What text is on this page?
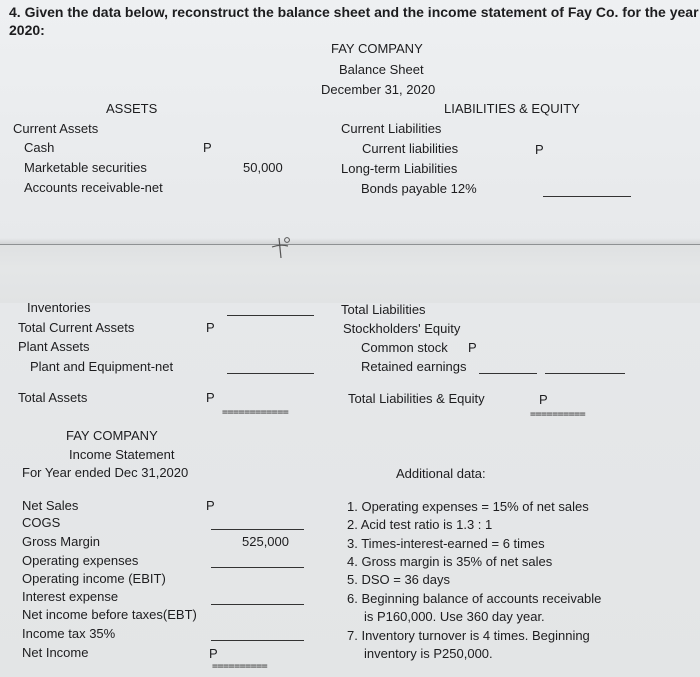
4. Given the data below, reconstruct the balance sheet and the income statement of Fay Co. for the year
2020:
FAY COMPANY
Balance Sheet
December 31, 2020
ASSETS	LIABILITIES & EQUITY
Current Assets
Cash	P
Marketable securities	50,000
Accounts receivable-net
Current Liabilities
Current liabilities	P
Long-term Liabilities
Bonds payable 12%
Inventories
Total Current Assets	P
Plant Assets
Plant and Equipment-net
Total Assets	P
============
Total Liabilities
Stockholders' Equity
Common stock P
Retained earnings
Total Liabilities & Equity	P
==========
FAY COMPANY
Income Statement
For Year ended Dec 31,2020
Net Sales	P
COGS
Gross Margin	525,000
Operating expenses
Operating income (EBIT)
Interest expense
Net income before taxes(EBT)
Income tax 35%
Net Income	P
==========
Additional data:
1. Operating expenses = 15% of net sales
2. Acid test ratio is 1.3 : 1
3. Times-interest-earned = 6 times
4. Gross margin is 35% of net sales
5. DSO = 36 days
6. Beginning balance of accounts receivable
is P160,000. Use 360 day year.
7. Inventory turnover is 4 times. Beginning
inventory is P250,000.
